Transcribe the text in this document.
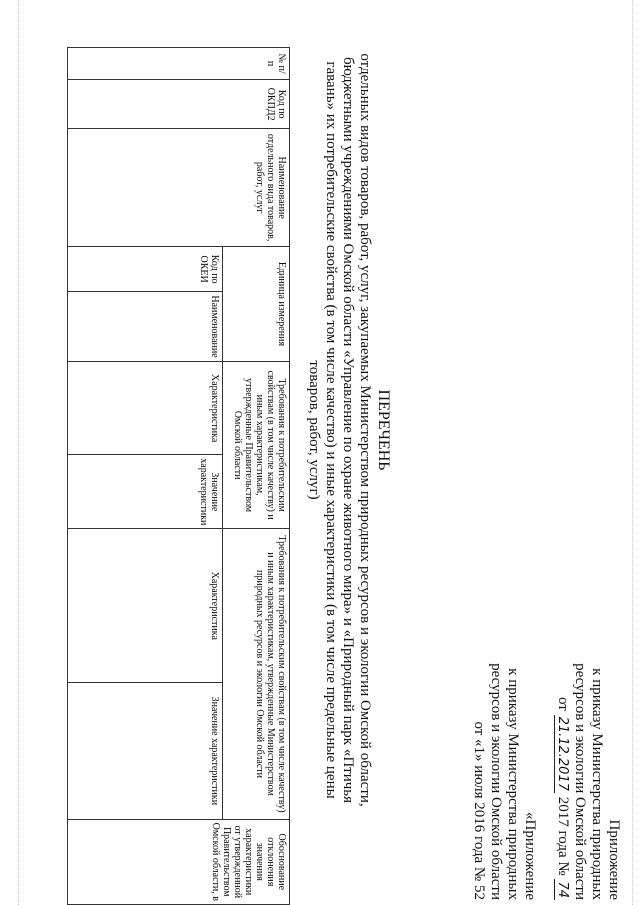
Приложение
к приказу Министерства природных
ресурсов и экологии Омской области
от 21.12.2017 2017 года № 74
«Приложение
к приказу Министерства природных
ресурсов и экологии Омской области
от «1» июля 2016 года № 52
ПЕРЕЧЕНЬ
отдельных видов товаров, работ, услуг, закупаемых Министерством природных ресурсов и экологии Омской области,
бюджетными учреждениями Омской области «Управление по охране животного мира» и «Природный парк «Птичья
гавань» их потребительские свойства (в том числе качество) и иные характеристики (в том числе предельные цены
товаров, работ, услуг)
№ п/п	Код по ОКПД2	Наименование отдельного вида товаров, работ, услуг	Единица измерения		Требования к потребительским свойствам (в том числе качеству) и иным характеристикам, утвержденные Правительством Омской области		Требования к потребительским свойствам (в том числе качеству) и иным характеристикам, утвержденные Министерством природных ресурсов и экологии Омской области		Обоснование отклонения значения характеристики от утвержденной Правительством Омской области, в
			Код по ОКЕИ	Наименование	Характеристика	Значение характеристики	Характеристика	Значение характеристики	
